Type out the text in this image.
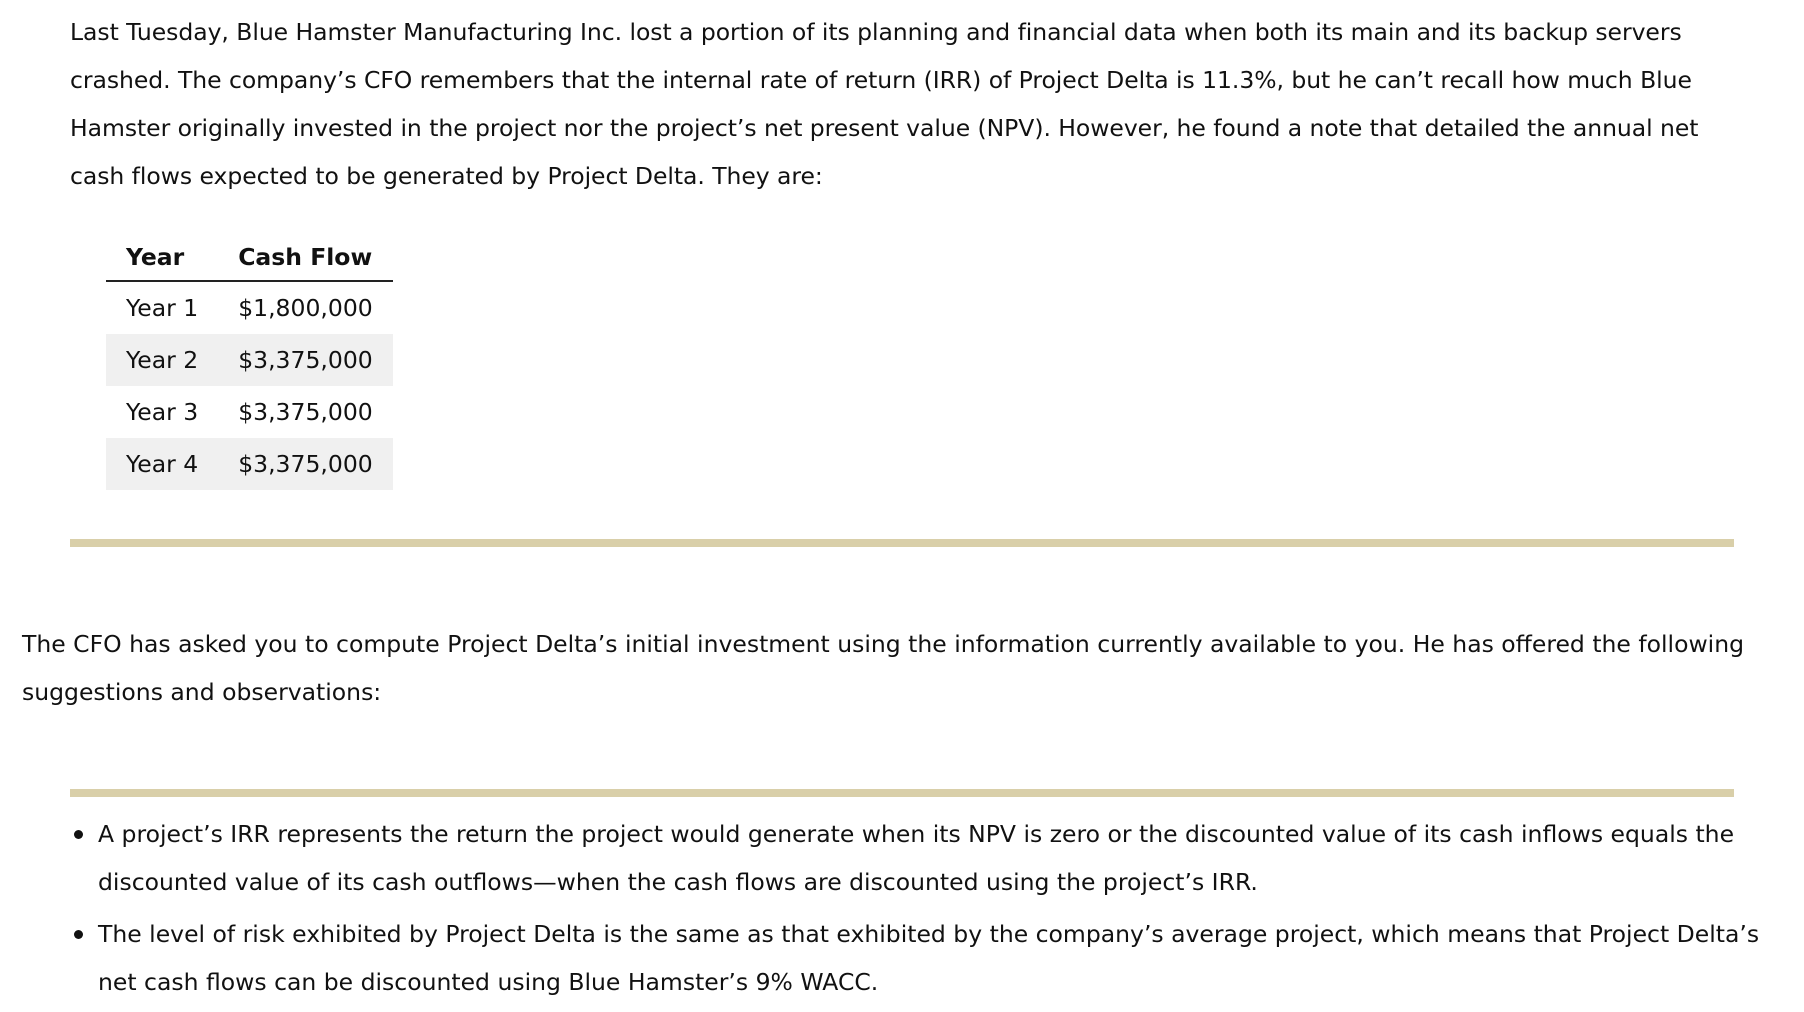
Last Tuesday, Blue Hamster Manufacturing Inc. lost a portion of its planning and financial data when both its main and its backup servers crashed. The company’s CFO remembers that the internal rate of return (IRR) of Project Delta is 11.3%, but he can’t recall how much Blue Hamster originally invested in the project nor the project’s net present value (NPV). However, he found a note that detailed the annual net cash flows expected to be generated by Project Delta. They are:

Year	Cash Flow
Year 1	$1,800,000
Year 2	$3,375,000
Year 3	$3,375,000
Year 4	$3,375,000

The CFO has asked you to compute Project Delta’s initial investment using the information currently available to you. He has offered the following suggestions and observations:

A project’s IRR represents the return the project would generate when its NPV is zero or the discounted value of its cash inflows equals the discounted value of its cash outflows—when the cash flows are discounted using the project’s IRR.
The level of risk exhibited by Project Delta is the same as that exhibited by the company’s average project, which means that Project Delta’s net cash flows can be discounted using Blue Hamster’s 9% WACC.
